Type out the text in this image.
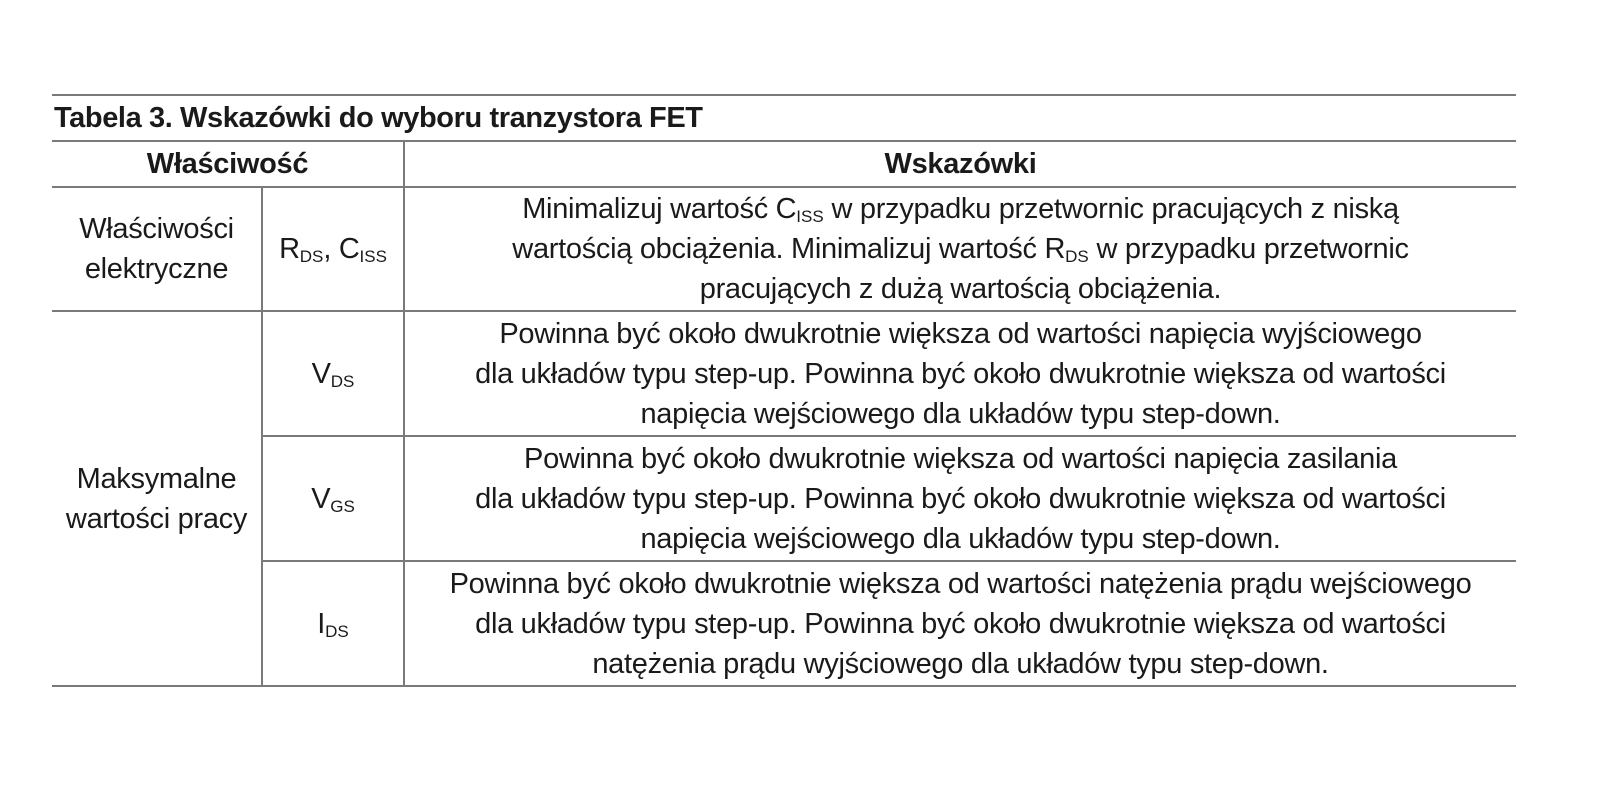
Tabela 3. Wskazówki do wyboru tranzystora FET		
Właściwość		Wskazówki
Właściwości elektryczne	$R_{DS}$, $C_{ISS}$	Minimalizuj wartość $C_{ISS}$ w przypadku przetwornic pracujących z niską
wartością obciążenia. Minimalizuj wartość $R_{DS}$ w przypadku przetwornic
pracujących z dużą wartością obciążenia.

Maksymalne wartości pracy	$V_{DS}$	Powinna być około dwukrotnie większa od wartości napięcia wyjściowego
dla układów typu step-up. Powinna być około dwukrotnie większa od wartości
napięcia wejściowego dla układów typu step-down.

	$V_{GS}$	Powinna być około dwukrotnie większa od wartości napięcia zasilania
dla układów typu step-up. Powinna być około dwukrotnie większa od wartości
napięcia wejściowego dla układów typu step-down.

	$I_{DS}$	Powinna być około dwukrotnie większa od wartości natężenia prądu wejściowego
dla układów typu step-up. Powinna być około dwukrotnie większa od wartości
natężenia prądu wyjściowego dla układów typu step-down.
